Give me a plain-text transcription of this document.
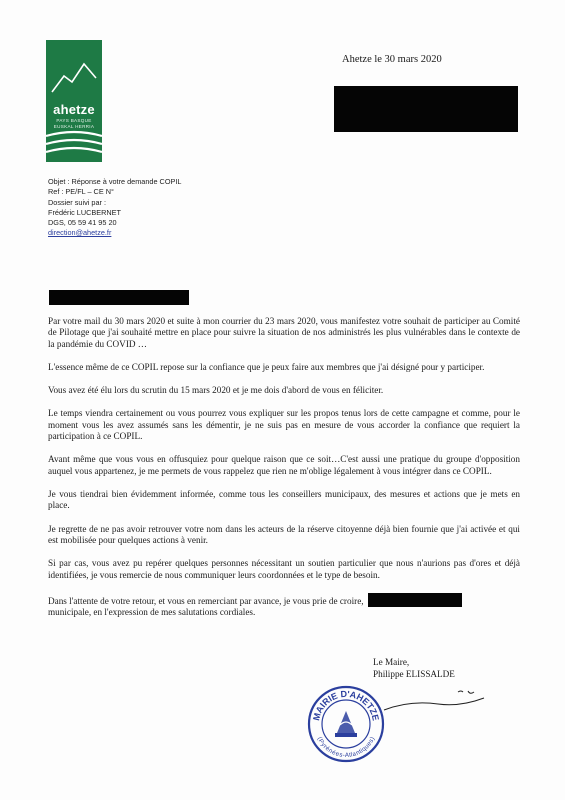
ahetze
PAYS BASQUE
EUSKAL HERRIA
Ahetze le 30 mars 2020
Objet : Réponse à votre demande COPIL
Ref : PE/FL – CE N°
Dossier suivi par :
Frédéric LUCBERNET
DGS, 05 59 41 95 20
direction@ahetze.fr

Par votre mail du 30 mars 2020 et suite à mon courrier du 23 mars 2020, vous manifestez votre souhait de participer au Comité de Pilotage que j'ai souhaité mettre en place pour suivre la situation de nos administrés les plus vulnérables dans le contexte de la pandémie du COVID …

L'essence même de ce COPIL repose sur la confiance que je peux faire aux membres que j'ai désigné pour y participer.

Vous avez été élu lors du scrutin du 15 mars 2020 et je me dois d'abord de vous en féliciter.

Le temps viendra certainement ou vous pourrez vous expliquer sur les propos tenus lors de cette campagne et comme, pour le moment vous les avez assumés sans les démentir, je ne suis pas en mesure de vous accorder la confiance que requiert la participation à ce COPIL.

Avant même que vous vous en offusquiez pour quelque raison que ce soit…C'est aussi une pratique du groupe d'opposition auquel vous appartenez, je me permets de vous rappelez que rien ne m'oblige légalement à vous intégrer dans ce COPIL.

Je vous tiendrai bien évidemment informée, comme tous les conseillers municipaux, des mesures et actions que je mets en place.

Je regrette de ne pas avoir retrouver votre nom dans les acteurs de la réserve citoyenne déjà bien fournie que j'ai activée et qui est mobilisée pour quelques actions à venir.

Si par cas, vous avez pu repérer quelques personnes nécessitant un soutien particulier que nous n'aurions pas d'ores et déjà identifiées, je vous remercie de nous communiquer leurs coordonnées et le type de besoin.

Dans l'attente de votre retour, et vous en remerciant par avance, je vous prie de croire,
municipale, en l'expression de mes salutations cordiales.
Le Maire,
Philippe ELISSALDE
MAIRIE D'AHETZE
(Pyrénées-Atlantiques)
